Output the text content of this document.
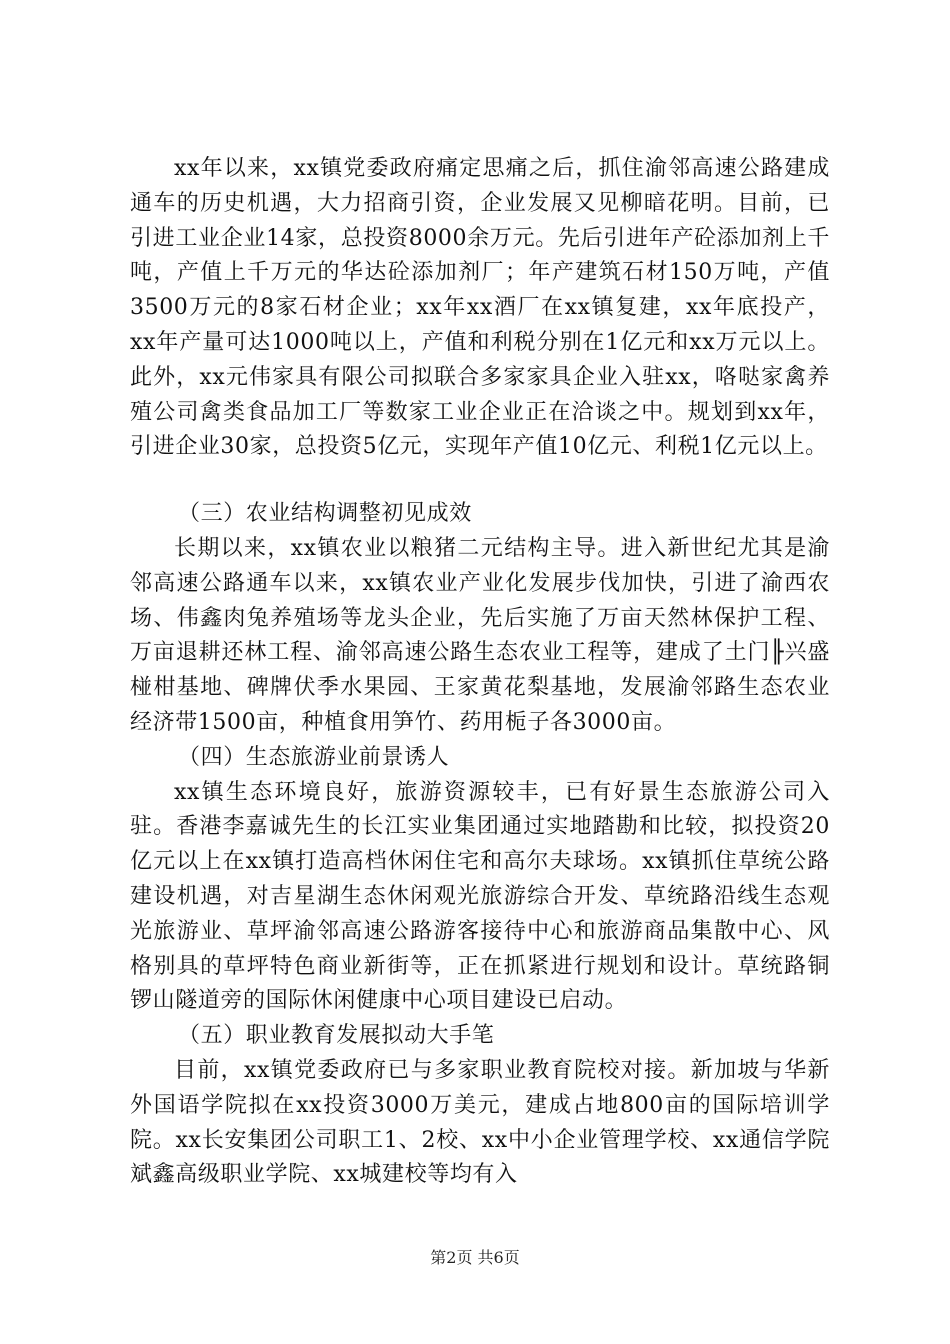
xx年以来，xx镇党委政府痛定思痛之后，抓住渝邻高速公路建成通车的历史机遇，大力招商引资，企业发展又见柳暗花明。目前，已引进工业企业14家，总投资8000余万元。先后引进年产砼添加剂上千吨，产值上千万元的华达砼添加剂厂；年产建筑石材150万吨，产值3500万元的8家石材企业；xx年xx酒厂在xx镇复建，xx年底投产，xx年产量可达1000吨以上，产值和利税分别在1亿元和xx万元以上。此外，xx元伟家具有限公司拟联合多家家具企业入驻xx，咯哒家禽养殖公司禽类食品加工厂等数家工业企业正在洽谈之中。规划到xx年，引进企业30家，总投资5亿元，实现年产值10亿元、利税1亿元以上。

（三）农业结构调整初见成效

长期以来，xx镇农业以粮猪二元结构主导。进入新世纪尤其是渝邻高速公路通车以来，xx镇农业产业化发展步伐加快，引进了渝西农场、伟鑫肉兔养殖场等龙头企业，先后实施了万亩天然林保护工程、万亩退耕还林工程、渝邻高速公路生态农业工程等，建成了土门╟兴盛椪柑基地、碑牌伏季水果园、王家黄花梨基地，发展渝邻路生态农业经济带1500亩，种植食用笋竹、药用栀子各3000亩。

（四）生态旅游业前景诱人

xx镇生态环境良好，旅游资源较丰，已有好景生态旅游公司入驻。香港李嘉诚先生的长江实业集团通过实地踏勘和比较，拟投资20亿元以上在xx镇打造高档休闲住宅和高尔夫球场。xx镇抓住草统公路建设机遇，对吉星湖生态休闲观光旅游综合开发、草统路沿线生态观光旅游业、草坪渝邻高速公路游客接待中心和旅游商品集散中心、风格别具的草坪特色商业新街等，正在抓紧进行规划和设计。草统路铜锣山隧道旁的国际休闲健康中心项目建设已启动。

（五）职业教育发展拟动大手笔

目前，xx镇党委政府已与多家职业教育院校对接。新加坡与华新外国语学院拟在xx投资3000万美元，建成占地800亩的国际培训学院。xx长安集团公司职工1、2校、xx中小企业管理学校、xx通信学院斌鑫高级职业学院、xx城建校等均有入

第2页 共6页
